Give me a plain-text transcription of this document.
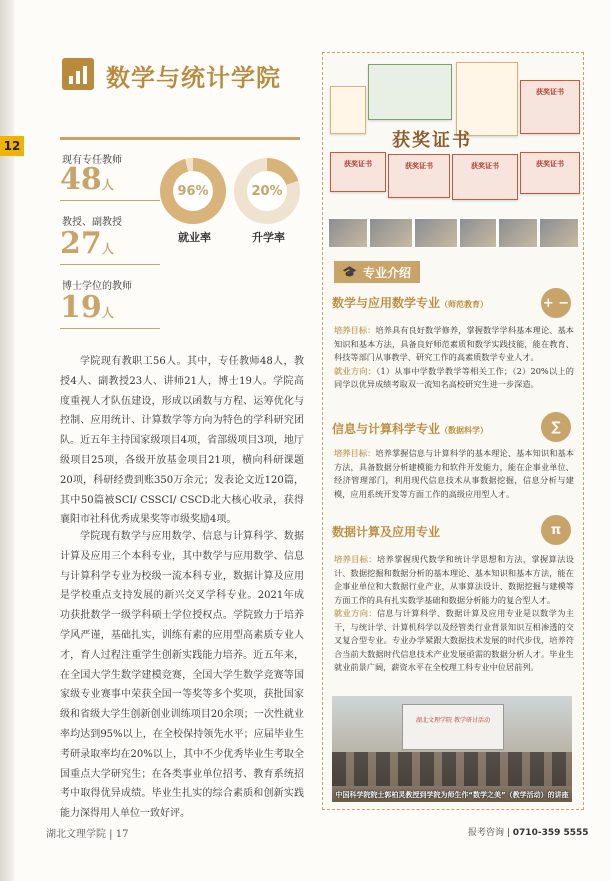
12
数学与统计学院
现有专任教师
48人
教授、副教授
27人
博士学位的教师
19人
96%
就业率
20%
升学率
学院现有教职工56人。其中，专任教师48人，教授4人、副教授23人、讲师21人，博士19人。学院高度重视人才队伍建设，形成以函数与方程、运筹优化与控制、应用统计、计算数学等方向为特色的学科研究团队。近五年主持国家级项目4项，省部级项目3项，地厅级项目25项，各级开放基金项目21项，横向科研课题20项，科研经费到账350万余元；发表论文近120篇，其中50篇被SCI/ CSSCI/ CSCD北大核心收录，获得襄阳市社科优秀成果奖等市级奖励4项。
学院现有数学与应用数学、信息与计算科学、数据计算及应用三个本科专业，其中数学与应用数学、信息与计算科学专业为校级一流本科专业，数据计算及应用是学校重点支持发展的新兴交叉学科专业。2021年成功获批数学一级学科硕士学位授权点。学院致力于培养学风严谨，基础扎实，训练有素的应用型高素质专业人才，育人过程注重学生创新实践能力培养。近五年来，在全国大学生数学建模竞赛，全国大学生数学竞赛等国家级专业赛事中荣获全国一等奖等多个奖项，获批国家级和省级大学生创新创业训练项目20余项；一次性就业率均达到95%以上，在全校保持领先水平；应届毕业生考研录取率均在20%以上，其中不少优秀毕业生考取全国重点大学研究生；在各类事业单位招考、教育系统招考中取得优异成绩。毕业生扎实的综合素质和创新实践能力深得用人单位一致好评。
湖北文理学院 | 17	报考咨询 | 0710-359 5555
获奖证书
获奖证书
获奖证书	获奖证书	获奖证书	获奖证书
🎓 专业介绍
数学与应用数学专业（师范教育）	+ −
培养目标：培养具有良好数学修养，掌握数学学科基本理论、基本知识和基本方法，具备良好师范素质和数学实践技能，能在教育、科技等部门从事教学、研究工作的高素质数学专业人才。
就业方向：（1）从事中学数学教学等相关工作；（2）20%以上的同学以优异成绩考取双一流知名高校研究生进一步深造。
信息与计算科学专业（数据科学）	∑
培养目标：培养掌握信息与计算科学的基本理论、基本知识和基本方法，具备数据分析建模能力和软件开发能力，能在企事业单位、经济管理部门，利用现代信息技术从事数据挖掘，信息分析与建模，应用系统开发等方面工作的高级应用型人才。
数据计算及应用专业	π
培养目标：培养掌握现代数学和统计学思想和方法，掌握算法设计、数据挖掘和数据分析的基本理论、基本知识和基本方法，能在企事业单位和大数据行业产业，从事算法设计、数据挖掘与建模等方面工作的具有扎实数学基础和数据分析能力的复合型人才。
就业方向：信息与计算科学、数据计算及应用专业是以数学为主干，与统计学、计算机科学以及经管类行业背景知识互相渗透的交叉复合型专业。专业办学紧跟大数据技术发展的时代步伐，培养符合当前大数据时代信息技术产业发展亟需的数据分析人才。毕业生就业前景广阔，薪资水平在全校理工科专业中位居前列。
湖北文理学院 教学研讨活动
中国科学院院士郭柏灵教授到学院为师生作“数学之美”（教学活动）的讲座
